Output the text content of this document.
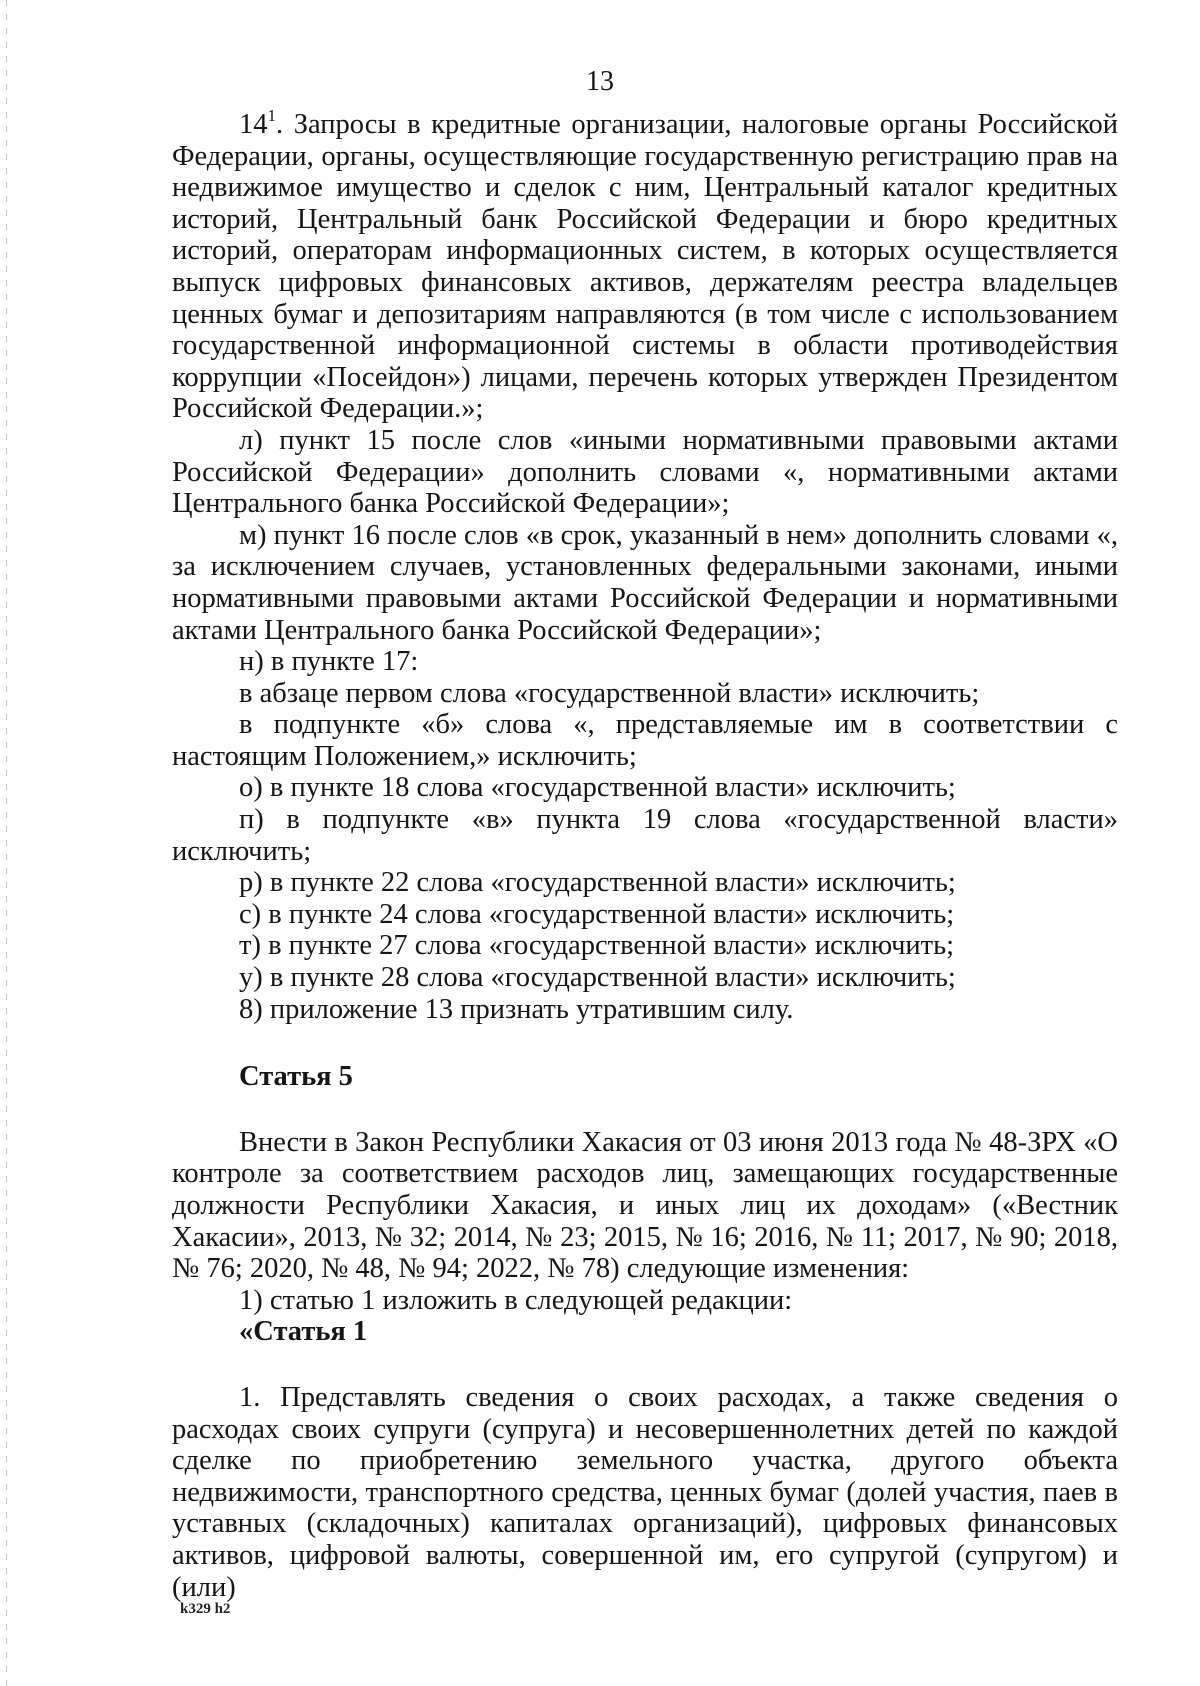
13

$14^1$. Запросы в кредитные организации, налоговые органы Российской Федерации, органы, осуществляющие государственную регистрацию прав на недвижимое имущество и сделок с ним, Центральный каталог кредитных историй, Центральный банк Российской Федерации и бюро кредитных историй, операторам информационных систем, в которых осуществляется выпуск цифровых финансовых активов, держателям реестра владельцев ценных бумаг и депозитариям направляются (в том числе с использованием государственной информационной системы в области противодействия коррупции «Посейдон») лицами, перечень которых утвержден Президентом Российской Федерации.»;

л) пункт 15 после слов «иными нормативными правовыми актами Российской Федерации» дополнить словами «, нормативными актами Центрального банка Российской Федерации»;

м) пункт 16 после слов «в срок, указанный в нем» дополнить словами «, за исключением случаев, установленных федеральными законами, иными нормативными правовыми актами Российской Федерации и нормативными актами Центрального банка Российской Федерации»;

н) в пункте 17:

в абзаце первом слова «государственной власти» исключить;

в подпункте «б» слова «, представляемые им в соответствии с настоящим Положением,» исключить;

о) в пункте 18 слова «государственной власти» исключить;

п) в подпункте «в» пункта 19 слова «государственной власти» исключить;

р) в пункте 22 слова «государственной власти» исключить;

с) в пункте 24 слова «государственной власти» исключить;

т) в пункте 27 слова «государственной власти» исключить;

у) в пункте 28 слова «государственной власти» исключить;

8) приложение 13 признать утратившим силу.

Статья 5

Внести в Закон Республики Хакасия от 03 июня 2013 года № 48-ЗРХ «О контроле за соответствием расходов лиц, замещающих государственные должности Республики Хакасия, и иных лиц их доходам» («Вестник Хакасии», 2013, № 32; 2014, № 23; 2015, № 16; 2016, № 11; 2017, № 90; 2018, № 76; 2020, № 48, № 94; 2022, № 78) следующие изменения:

1) статью 1 изложить в следующей редакции:

«Статья 1

1. Представлять сведения о своих расходах, а также сведения о расходах своих супруги (супруга) и несовершеннолетних детей по каждой сделке по приобретению земельного участка, другого объекта недвижимости, транспортного средства, ценных бумаг (долей участия, паев в уставных (складочных) капиталах организаций), цифровых финансовых активов, цифровой валюты, совершенной им, его супругой (супругом) и (или)

k329 h2
